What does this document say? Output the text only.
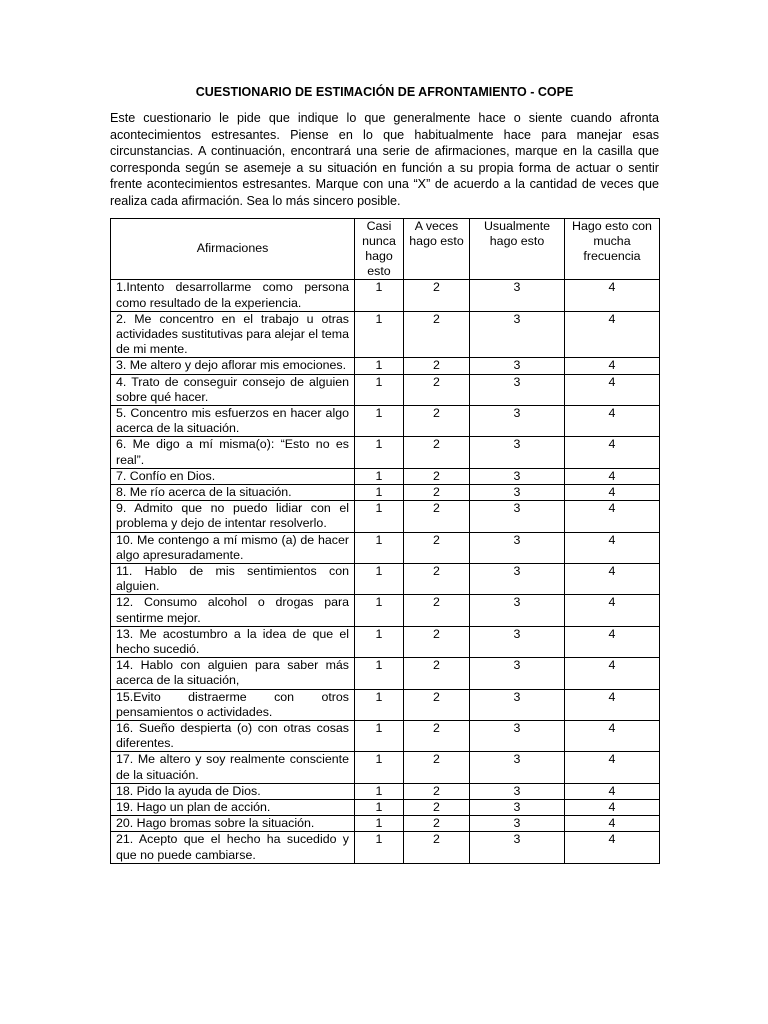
CUESTIONARIO DE ESTIMACIÓN DE AFRONTAMIENTO - COPE

Este cuestionario le pide que indique lo que generalmente hace o siente cuando afronta acontecimientos estresantes. Piense en lo que habitualmente hace para manejar esas circunstancias. A continuación, encontrará una serie de afirmaciones, marque en la casilla que corresponda según se asemeje a su situación en función a su propia forma de actuar o sentir frente acontecimientos estresantes. Marque con una “X” de acuerdo a la cantidad de veces que realiza cada afirmación. Sea lo más sincero posible.

Afirmaciones	Casi nunca hago esto	A veces hago esto	Usualmente hago esto	Hago esto con mucha frecuencia
1.Intento desarrollarme como persona como resultado de la experiencia.	1	2	3	4
2. Me concentro en el trabajo u otras actividades sustitutivas para alejar el tema de mi mente.	1	2	3	4
3. Me altero y dejo aflorar mis emociones.	1	2	3	4
4. Trato de conseguir consejo de alguien sobre qué hacer.	1	2	3	4
5. Concentro mis esfuerzos en hacer algo acerca de la situación.	1	2	3	4
6. Me digo a mí misma(o): “Esto no es real”.	1	2	3	4
7. Confío en Dios.	1	2	3	4
8. Me río acerca de la situación.	1	2	3	4
9. Admito que no puedo lidiar con el problema y dejo de intentar resolverlo.	1	2	3	4
10. Me contengo a mí mismo (a) de hacer algo apresuradamente.	1	2	3	4
11. Hablo de mis sentimientos con alguien.	1	2	3	4
12. Consumo alcohol o drogas para sentirme mejor.	1	2	3	4
13. Me acostumbro a la idea de que el hecho sucedió.	1	2	3	4
14. Hablo con alguien para saber más acerca de la situación,	1	2	3	4
15.Evito distraerme con otros pensamientos o actividades.	1	2	3	4
16. Sueño despierta (o) con otras cosas diferentes.	1	2	3	4
17. Me altero y soy realmente consciente de la situación.	1	2	3	4
18. Pido la ayuda de Dios.	1	2	3	4
19. Hago un plan de acción.	1	2	3	4
20. Hago bromas sobre la situación.	1	2	3	4
21. Acepto que el hecho ha sucedido y que no puede cambiarse.	1	2	3	4
